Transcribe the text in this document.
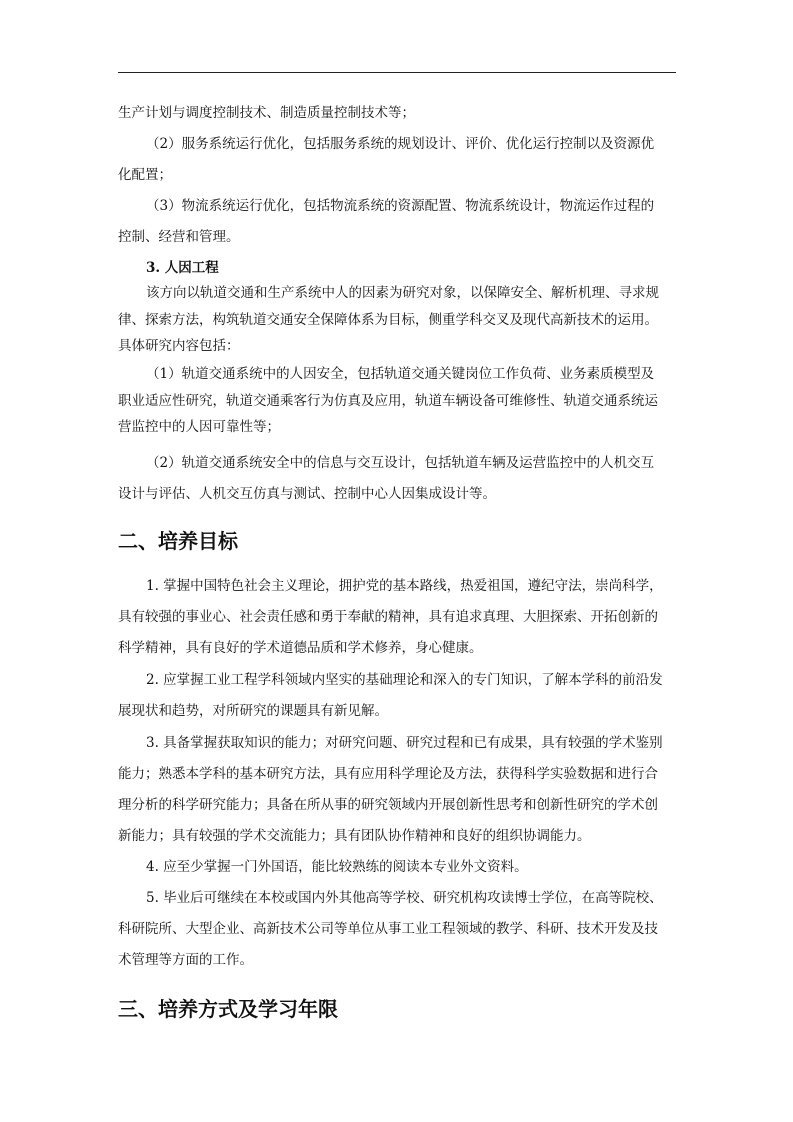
生产计划与调度控制技术、制造质量控制技术等；

（2）服务系统运行优化，包括服务系统的规划设计、评价、优化运行控制以及资源优

化配置；

（3）物流系统运行优化，包括物流系统的资源配置、物流系统设计，物流运作过程的

控制、经营和管理。

3. 人因工程

该方向以轨道交通和生产系统中人的因素为研究对象，以保障安全、解析机理、寻求规

律、探索方法，构筑轨道交通安全保障体系为目标，侧重学科交叉及现代高新技术的运用。

具体研究内容包括：

（1）轨道交通系统中的人因安全，包括轨道交通关键岗位工作负荷、业务素质模型及

职业适应性研究，轨道交通乘客行为仿真及应用，轨道车辆设备可维修性、轨道交通系统运

营监控中的人因可靠性等；

（2）轨道交通系统安全中的信息与交互设计，包括轨道车辆及运营监控中的人机交互

设计与评估、人机交互仿真与测试、控制中心人因集成设计等。

二、培养目标

1. 掌握中国特色社会主义理论，拥护党的基本路线，热爱祖国，遵纪守法，崇尚科学，

具有较强的事业心、社会责任感和勇于奉献的精神，具有追求真理、大胆探索、开拓创新的

科学精神，具有良好的学术道德品质和学术修养，身心健康。

2. 应掌握工业工程学科领域内坚实的基础理论和深入的专门知识，了解本学科的前沿发

展现状和趋势，对所研究的课题具有新见解。

3. 具备掌握获取知识的能力；对研究问题、研究过程和已有成果，具有较强的学术鉴别

能力；熟悉本学科的基本研究方法，具有应用科学理论及方法，获得科学实验数据和进行合

理分析的科学研究能力；具备在所从事的研究领域内开展创新性思考和创新性研究的学术创

新能力；具有较强的学术交流能力；具有团队协作精神和良好的组织协调能力。

4. 应至少掌握一门外国语，能比较熟练的阅读本专业外文资料。

5. 毕业后可继续在本校或国内外其他高等学校、研究机构攻读博士学位，在高等院校、

科研院所、大型企业、高新技术公司等单位从事工业工程领域的教学、科研、技术开发及技

术管理等方面的工作。

三、培养方式及学习年限
